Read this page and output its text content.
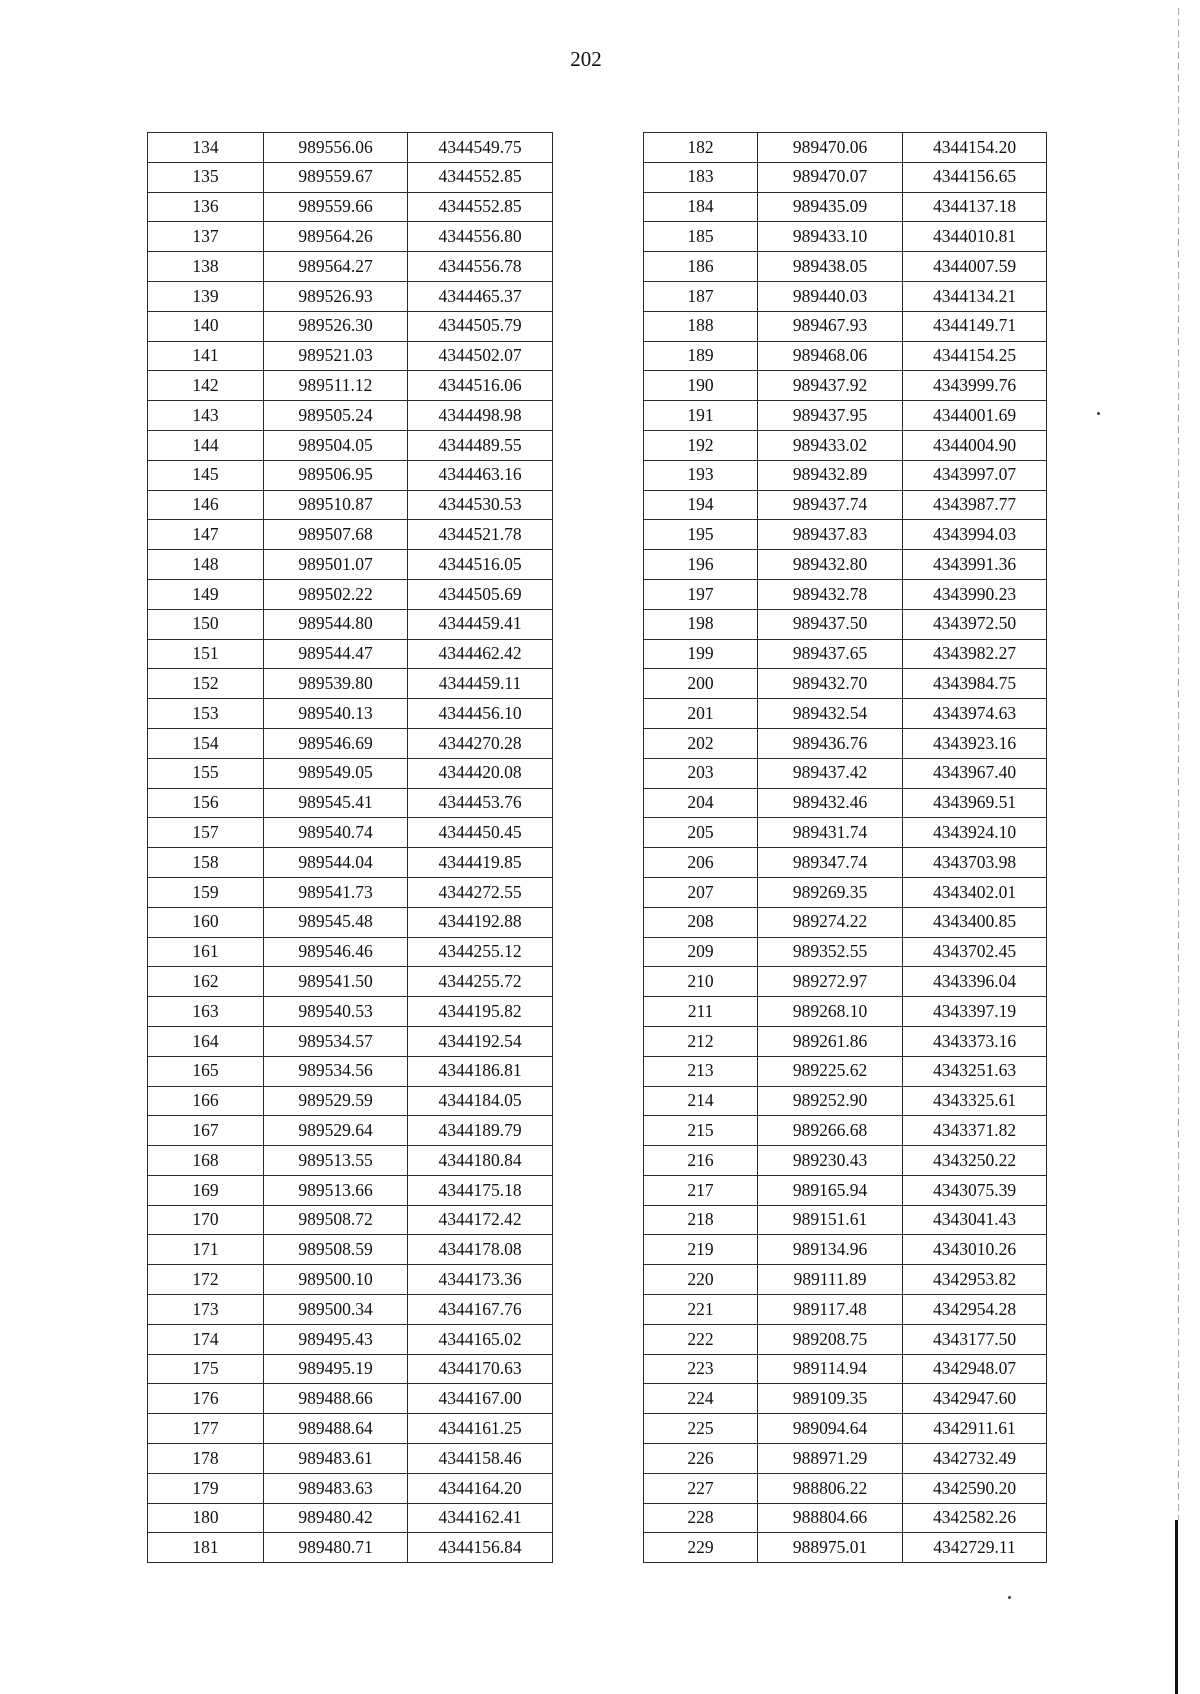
202
134	989556.06	4344549.75
135	989559.67	4344552.85
136	989559.66	4344552.85
137	989564.26	4344556.80
138	989564.27	4344556.78
139	989526.93	4344465.37
140	989526.30	4344505.79
141	989521.03	4344502.07
142	989511.12	4344516.06
143	989505.24	4344498.98
144	989504.05	4344489.55
145	989506.95	4344463.16
146	989510.87	4344530.53
147	989507.68	4344521.78
148	989501.07	4344516.05
149	989502.22	4344505.69
150	989544.80	4344459.41
151	989544.47	4344462.42
152	989539.80	4344459.11
153	989540.13	4344456.10
154	989546.69	4344270.28
155	989549.05	4344420.08
156	989545.41	4344453.76
157	989540.74	4344450.45
158	989544.04	4344419.85
159	989541.73	4344272.55
160	989545.48	4344192.88
161	989546.46	4344255.12
162	989541.50	4344255.72
163	989540.53	4344195.82
164	989534.57	4344192.54
165	989534.56	4344186.81
166	989529.59	4344184.05
167	989529.64	4344189.79
168	989513.55	4344180.84
169	989513.66	4344175.18
170	989508.72	4344172.42
171	989508.59	4344178.08
172	989500.10	4344173.36
173	989500.34	4344167.76
174	989495.43	4344165.02
175	989495.19	4344170.63
176	989488.66	4344167.00
177	989488.64	4344161.25
178	989483.61	4344158.46
179	989483.63	4344164.20
180	989480.42	4344162.41
181	989480.71	4344156.84
182	989470.06	4344154.20
183	989470.07	4344156.65
184	989435.09	4344137.18
185	989433.10	4344010.81
186	989438.05	4344007.59
187	989440.03	4344134.21
188	989467.93	4344149.71
189	989468.06	4344154.25
190	989437.92	4343999.76
191	989437.95	4344001.69
192	989433.02	4344004.90
193	989432.89	4343997.07
194	989437.74	4343987.77
195	989437.83	4343994.03
196	989432.80	4343991.36
197	989432.78	4343990.23
198	989437.50	4343972.50
199	989437.65	4343982.27
200	989432.70	4343984.75
201	989432.54	4343974.63
202	989436.76	4343923.16
203	989437.42	4343967.40
204	989432.46	4343969.51
205	989431.74	4343924.10
206	989347.74	4343703.98
207	989269.35	4343402.01
208	989274.22	4343400.85
209	989352.55	4343702.45
210	989272.97	4343396.04
211	989268.10	4343397.19
212	989261.86	4343373.16
213	989225.62	4343251.63
214	989252.90	4343325.61
215	989266.68	4343371.82
216	989230.43	4343250.22
217	989165.94	4343075.39
218	989151.61	4343041.43
219	989134.96	4343010.26
220	989111.89	4342953.82
221	989117.48	4342954.28
222	989208.75	4343177.50
223	989114.94	4342948.07
224	989109.35	4342947.60
225	989094.64	4342911.61
226	988971.29	4342732.49
227	988806.22	4342590.20
228	988804.66	4342582.26
229	988975.01	4342729.11
